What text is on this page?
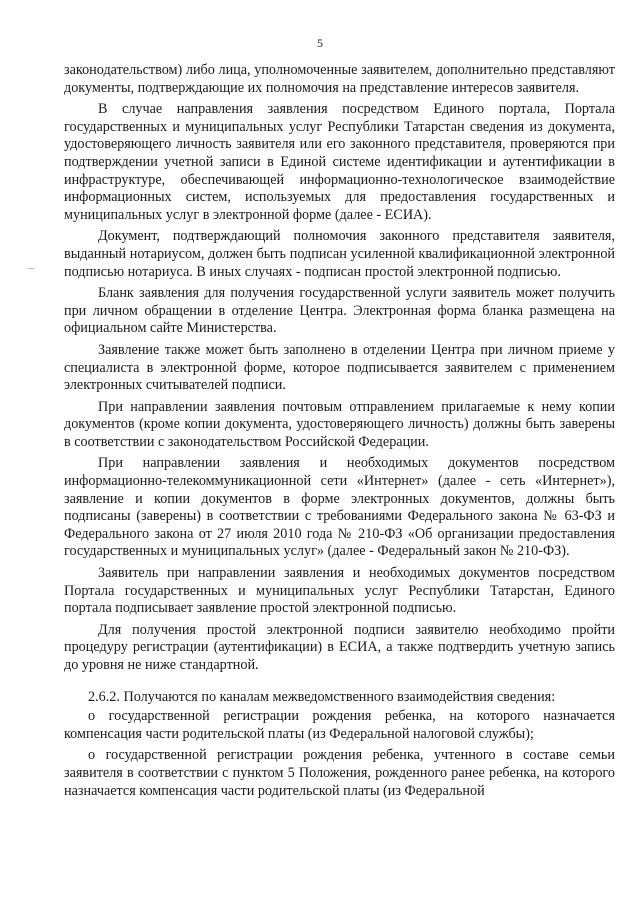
5

законодательством) либо лица, уполномоченные заявителем, дополнительно представляют документы, подтверждающие их полномочия на представление интересов заявителя.

В случае направления заявления посредством Единого портала, Портала государственных и муниципальных услуг Республики Татарстан сведения из документа, удостоверяющего личность заявителя или его законного представителя, проверяются при подтверждении учетной записи в Единой системе идентификации и аутентификации в инфраструктуре, обеспечивающей информационно-технологическое взаимодействие информационных систем, используемых для предоставления государственных и муниципальных услуг в электронной форме (далее - ЕСИА).

Документ, подтверждающий полномочия законного представителя заявителя, выданный нотариусом, должен быть подписан усиленной квалификационной электронной подписью нотариуса. В иных случаях - подписан простой электронной подписью.

Бланк заявления для получения государственной услуги заявитель может получить при личном обращении в отделение Центра. Электронная форма бланка размещена на официальном сайте Министерства.

Заявление также может быть заполнено в отделении Центра при личном приеме у специалиста в электронной форме, которое подписывается заявителем с применением электронных считывателей подписи.

При направлении заявления почтовым отправлением прилагаемые к нему копии документов (кроме копии документа, удостоверяющего личность) должны быть заверены в соответствии с законодательством Российской Федерации.

При направлении заявления и необходимых документов посредством информационно-телекоммуникационной сети «Интернет» (далее - сеть «Интернет»), заявление и копии документов в форме электронных документов, должны быть подписаны (заверены) в соответствии с требованиями Федерального закона № 63-ФЗ и Федерального закона от 27 июля 2010 года № 210-ФЗ «Об организации предоставления государственных и муниципальных услуг» (далее - Федеральный закон № 210-ФЗ).

Заявитель при направлении заявления и необходимых документов посредством Портала государственных и муниципальных услуг Республики Татарстан, Единого портала подписывает заявление простой электронной подписью.

Для получения простой электронной подписи заявителю необходимо пройти процедуру регистрации (аутентификации) в ЕСИА, а также подтвердить учетную запись до уровня не ниже стандартной.

2.6.2. Получаются по каналам межведомственного взаимодействия сведения:

о государственной регистрации рождения ребенка, на которого назначается компенсация части родительской платы (из Федеральной налоговой службы);

о государственной регистрации рождения ребенка, учтенного в составе семьи заявителя в соответствии с пунктом 5 Положения, рожденного ранее ребенка, на которого назначается компенсация части родительской платы (из Федеральной
